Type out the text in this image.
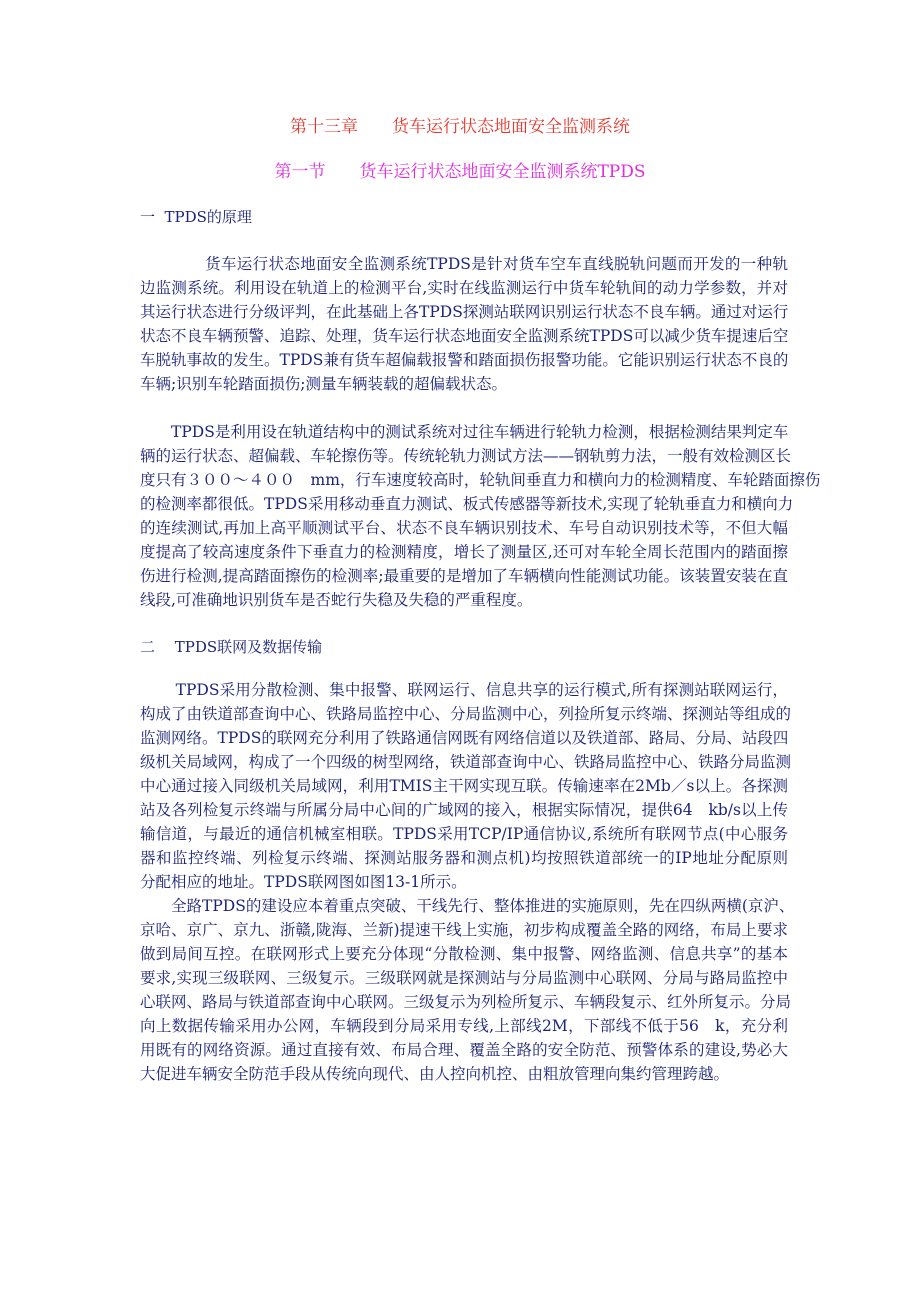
第十三章　　货车运行状态地面安全监测系统
第一节　　货车运行状态地面安全监测系统TPDS
一  TPDS的原理
货车运行状态地面安全监测系统TPDS是针对货车空车直线脱轨问题而开发的一种轨
边监测系统。利用设在轨道上的检测平台,实时在线监测运行中货车轮轨间的动力学参数，并对
其运行状态进行分级评判，在此基础上各TPDS探测站联网识别运行状态不良车辆。通过对运行
状态不良车辆预警、追踪、处理，货车运行状态地面安全监测系统TPDS可以减少货车提速后空
车脱轨事故的发生。TPDS兼有货车超偏载报警和踏面损伤报警功能。它能识别运行状态不良的
车辆;识别车轮踏面损伤;测量车辆装载的超偏载状态。
TPDS是利用设在轨道结构中的测试系统对过往车辆进行轮轨力检测，根据检测结果判定车
辆的运行状态、超偏载、车轮擦伤等。传统轮轨力测试方法——钢轨剪力法，一般有效检测区长
度只有３００～４００　mm，行车速度较高时，轮轨间垂直力和横向力的检测精度、车轮踏面擦伤
的检测率都很低。TPDS采用移动垂直力测试、板式传感器等新技术,实现了轮轨垂直力和横向力
的连续测试,再加上高平顺测试平台、状态不良车辆识别技术、车号自动识别技术等，不但大幅
度提高了较高速度条件下垂直力的检测精度，增长了测量区,还可对车轮全周长范围内的踏面擦
伤进行检测,提高踏面擦伤的检测率;最重要的是增加了车辆横向性能测试功能。该装置安装在直
线段,可准确地识别货车是否蛇行失稳及失稳的严重程度。
二　 TPDS联网及数据传输
TPDS采用分散检测、集中报警、联网运行、信息共享的运行模式,所有探测站联网运行，
构成了由铁道部查询中心、铁路局监控中心、分局监测中心，列捡所复示终端、探测站等组成的
监测网络。TPDS的联网充分利用了铁路通信网既有网络信道以及铁道部、路局、分局、站段四
级机关局域网，构成了一个四级的树型网络，铁道部查询中心、铁路局监控中心、铁路分局监测
中心通过接入同级机关局域网，利用TMIS主干网实现互联。传输速率在2Mb／s以上。各探测
站及各列检复示终端与所属分局中心间的广域网的接入，根据实际情况，提供64　kb/s以上传
输信道，与最近的通信机械室相联。TPDS采用TCP/IP通信协议,系统所有联网节点(中心服务
器和监控终端、列检复示终端、探测站服务器和测点机)均按照铁道部统一的IP地址分配原则
分配相应的地址。TPDS联网图如图13-1所示。
全路TPDS的建设应本着重点突破、干线先行、整体推进的实施原则，先在四纵两横(京沪、
京哈、京广、京九、浙赣,陇海、兰新)提速干线上实施，初步构成覆盖全路的网络，布局上要求
做到局间互控。在联网形式上要充分体现“分散检测、集中报警、网络监测、信息共享”的基本
要求,实现三级联网、三级复示。三级联网就是探测站与分局监测中心联网、分局与路局监控中
心联网、路局与铁道部查询中心联网。三级复示为列检所复示、车辆段复示、红外所复示。分局
向上数据传输采用办公网，车辆段到分局采用专线,上部线2M，下部线不低于56　k，充分利
用既有的网络资源。通过直接有效、布局合理、覆盖全路的安全防范、预警体系的建设,势必大
大促进车辆安全防范手段从传统向现代、由人控向机控、由粗放管理向集约管理跨越。
